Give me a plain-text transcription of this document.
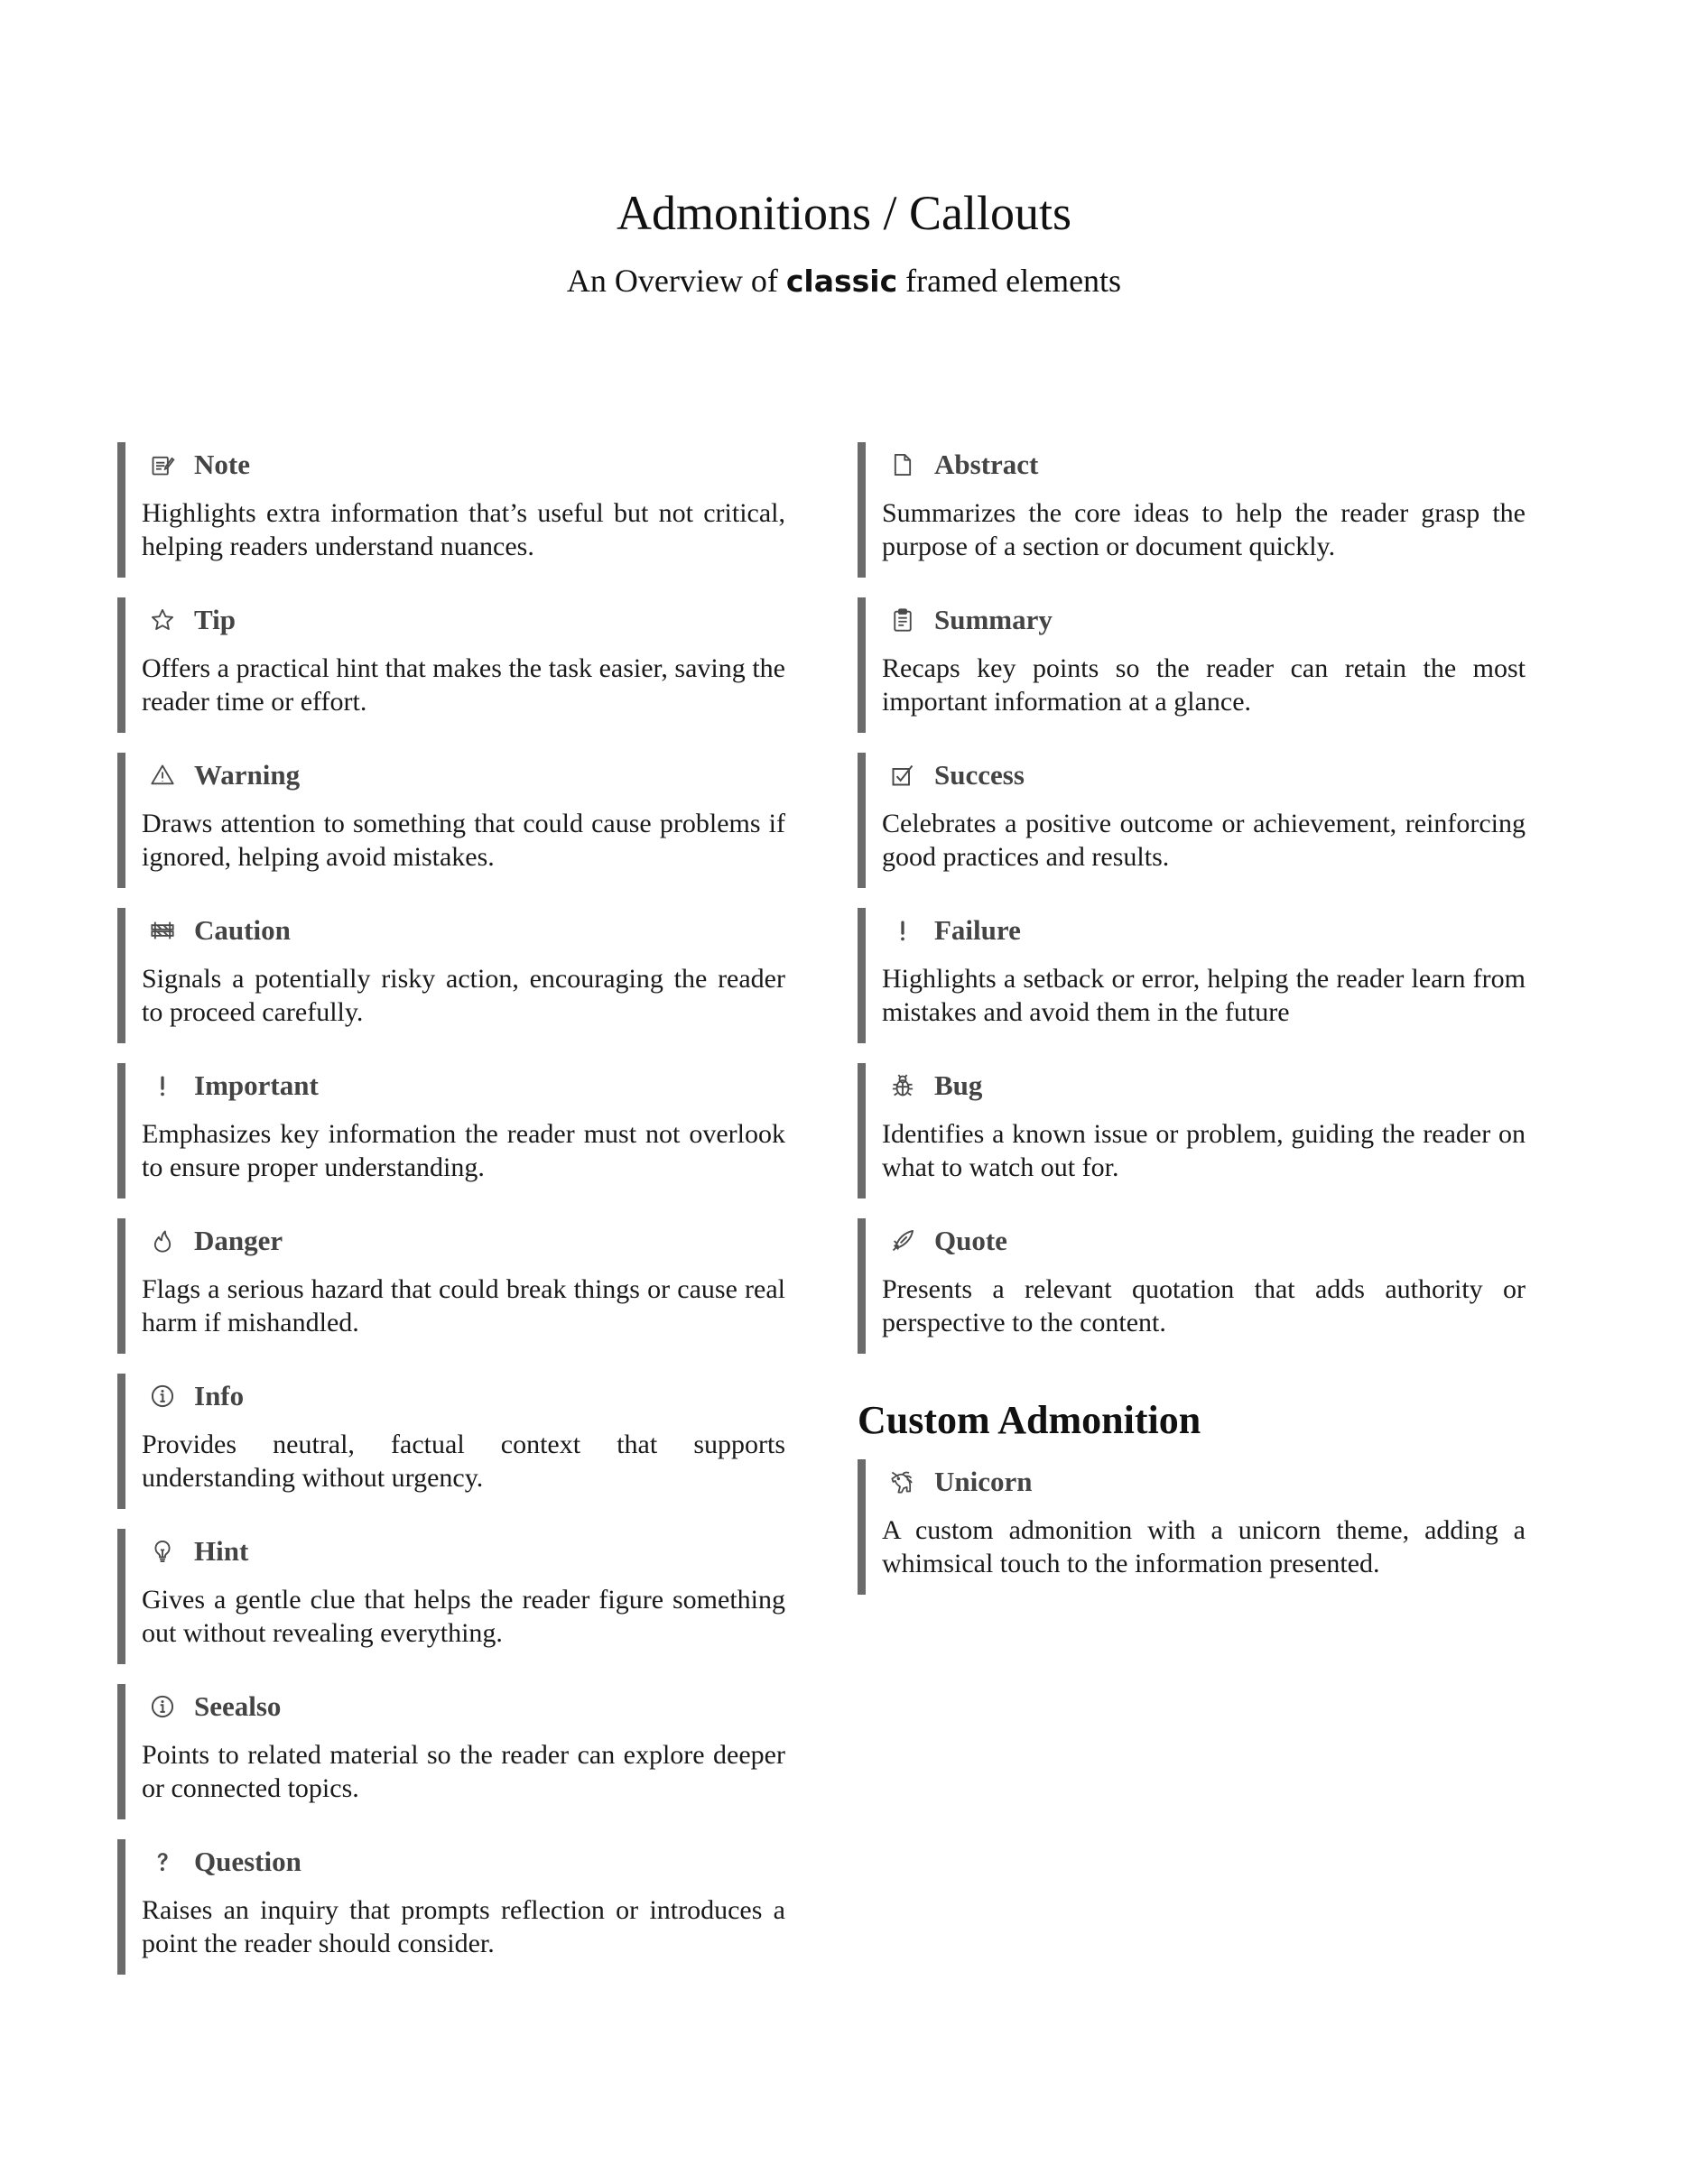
Admonitions / Callouts

An Overview of classic framed elements

Note
Highlights extra information that’s useful but not critical, helping readers understand nuances.
Tip
Offers a practical hint that makes the task easier, saving the reader time or effort.
Warning
Draws attention to something that could cause problems if ignored, helping avoid mistakes.
Caution
Signals a potentially risky action, encouraging the reader to proceed carefully.
Important
Emphasizes key information the reader must not overlook to ensure proper understanding.
Danger
Flags a serious hazard that could break things or cause real harm if mishandled.
Info
Provides neutral, factual context that supports understanding without urgency.
Hint
Gives a gentle clue that helps the reader figure something out without revealing everything.
Seealso
Points to related material so the reader can explore deeper or connected topics.
Question
Raises an inquiry that prompts reflection or introduces a point the reader should consider.
Abstract
Summarizes the core ideas to help the reader grasp the purpose of a section or document quickly.
Summary
Recaps key points so the reader can retain the most important information at a glance.
Success
Celebrates a positive outcome or achievement, reinforcing good practices and results.
Failure
Highlights a setback or error, helping the reader learn from mistakes and avoid them in the future
Bug
Identifies a known issue or problem, guiding the reader on what to watch out for.
Quote
Presents a relevant quotation that adds authority or perspective to the content.
Custom Admonition
Unicorn
A custom admonition with a unicorn theme, adding a whimsical touch to the information presented.
